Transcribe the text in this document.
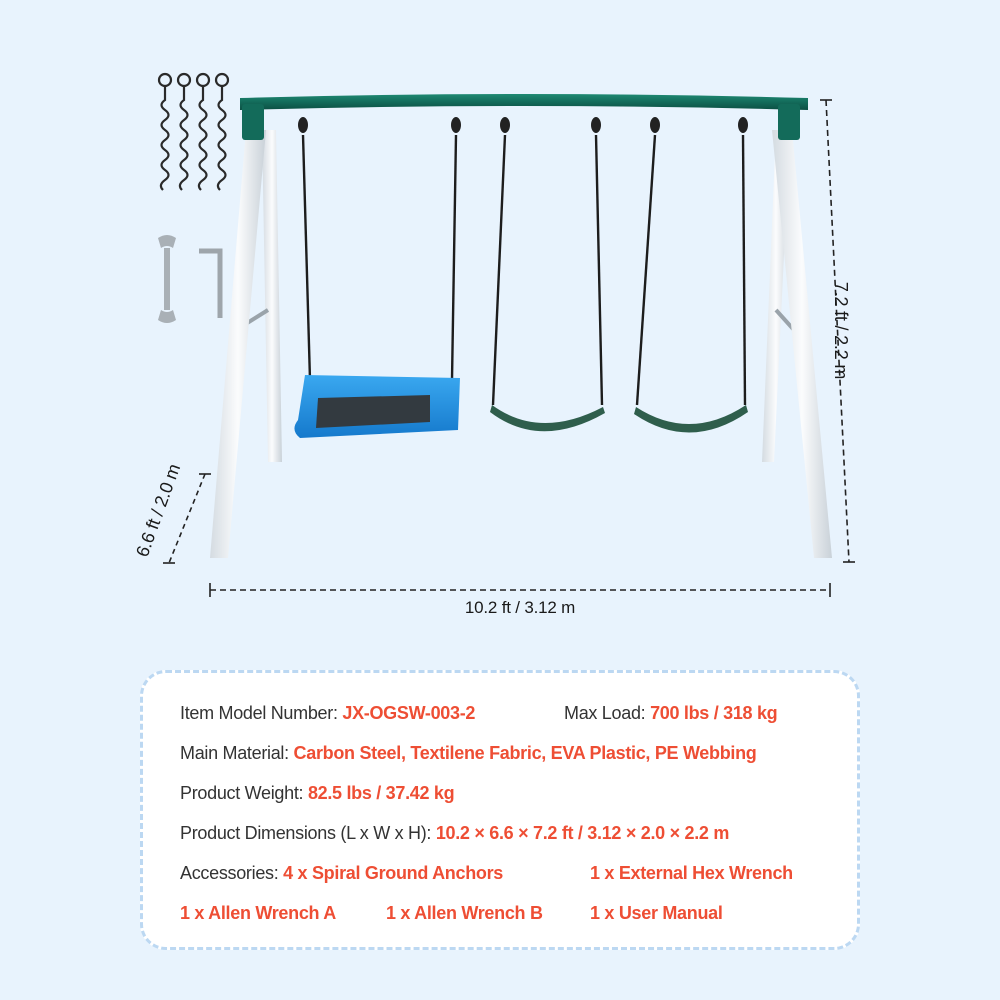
10.2 ft / 3.12 m
6.6 ft / 2.0 m
7.2 ft / 2.2 m
Item Model Number: JX-OGSW-003-2	Max Load: 700 lbs / 318 kg
Main Material: Carbon Steel, Textilene Fabric, EVA Plastic, PE Webbing
Product Weight: 82.5 lbs / 37.42 kg
Product Dimensions (L x W x H): 10.2 × 6.6 × 7.2 ft / 3.12 × 2.0 × 2.2 m
Accessories: 4 x Spiral Ground Anchors	1 x External Hex Wrench
1 x Allen Wrench A	1 x Allen Wrench B	1 x User Manual
